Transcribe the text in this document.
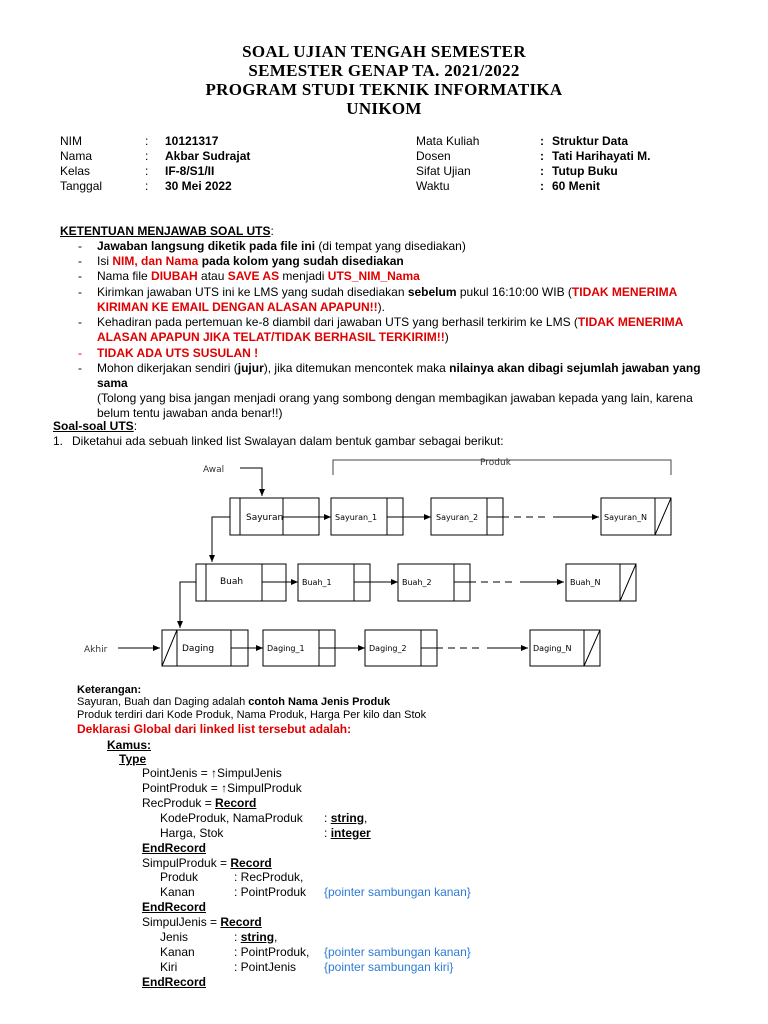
SOAL UJIAN TENGAH SEMESTER
SEMESTER GENAP TA. 2021/2022
PROGRAM STUDI TEKNIK INFORMATIKA
UNIKOM
NIM	: 10121317
Nama	: Akbar Sudrajat
Kelas	: IF-8/S1/II
Tanggal	: 30 Mei 2022
Mata Kuliah	: Struktur Data
Dosen	: Tati Harihayati M.
Sifat Ujian	: Tutup Buku
Waktu	: 60 Menit
KETENTUAN MENJAWAB SOAL UTS:
- Jawaban langsung diketik pada file ini (di tempat yang disediakan)
- Isi NIM, dan Nama pada kolom yang sudah disediakan
- Nama file DIUBAH atau SAVE AS menjadi UTS_NIM_Nama
- Kirimkan jawaban UTS ini ke LMS yang sudah disediakan sebelum pukul 16:10:00 WIB (TIDAK MENERIMA KIRIMAN KE EMAIL DENGAN ALASAN APAPUN!!).
- Kehadiran pada pertemuan ke-8 diambil dari jawaban UTS yang berhasil terkirim ke LMS (TIDAK MENERIMA ALASAN APAPUN JIKA TELAT/TIDAK BERHASIL TERKIRIM!!)
- TIDAK ADA UTS SUSULAN !
- Mohon dikerjakan sendiri (jujur), jika ditemukan mencontek maka nilainya akan dibagi sejumlah jawaban yang sama
(Tolong yang bisa jangan menjadi orang yang sombong dengan membagikan jawaban kepada yang lain, karena belum tentu jawaban anda benar!!)
Soal-soal UTS:
1. Diketahui ada sebuah linked list Swalayan dalam bentuk gambar sebagai berikut:
Awal
Produk
Akhir
Sayuran	Sayuran_1	Sayuran_2	Sayuran_N
Buah	Buah_1	Buah_2	Buah_N
Daging	Daging_1	Daging_2	Daging_N
Keterangan:
Sayuran, Buah dan Daging adalah contoh Nama Jenis Produk
Produk terdiri dari Kode Produk, Nama Produk, Harga Per kilo dan Stok
Deklarasi Global dari linked list tersebut adalah:
Kamus:
Type
PointJenis = ↑SimpulJenis
PointProduk = ↑SimpulProduk
RecProduk = Record
KodeProduk, NamaProduk : string,
Harga, Stok	: integer
EndRecord
SimpulProduk = Record
Produk	: RecProduk,
Kanan	: PointProduk {pointer sambungan kanan}
EndRecord
SimpulJenis = Record
Jenis	: string,
Kanan	: PointProduk, {pointer sambungan kanan}
Kiri	: PointJenis {pointer sambungan kiri}
EndRecord
